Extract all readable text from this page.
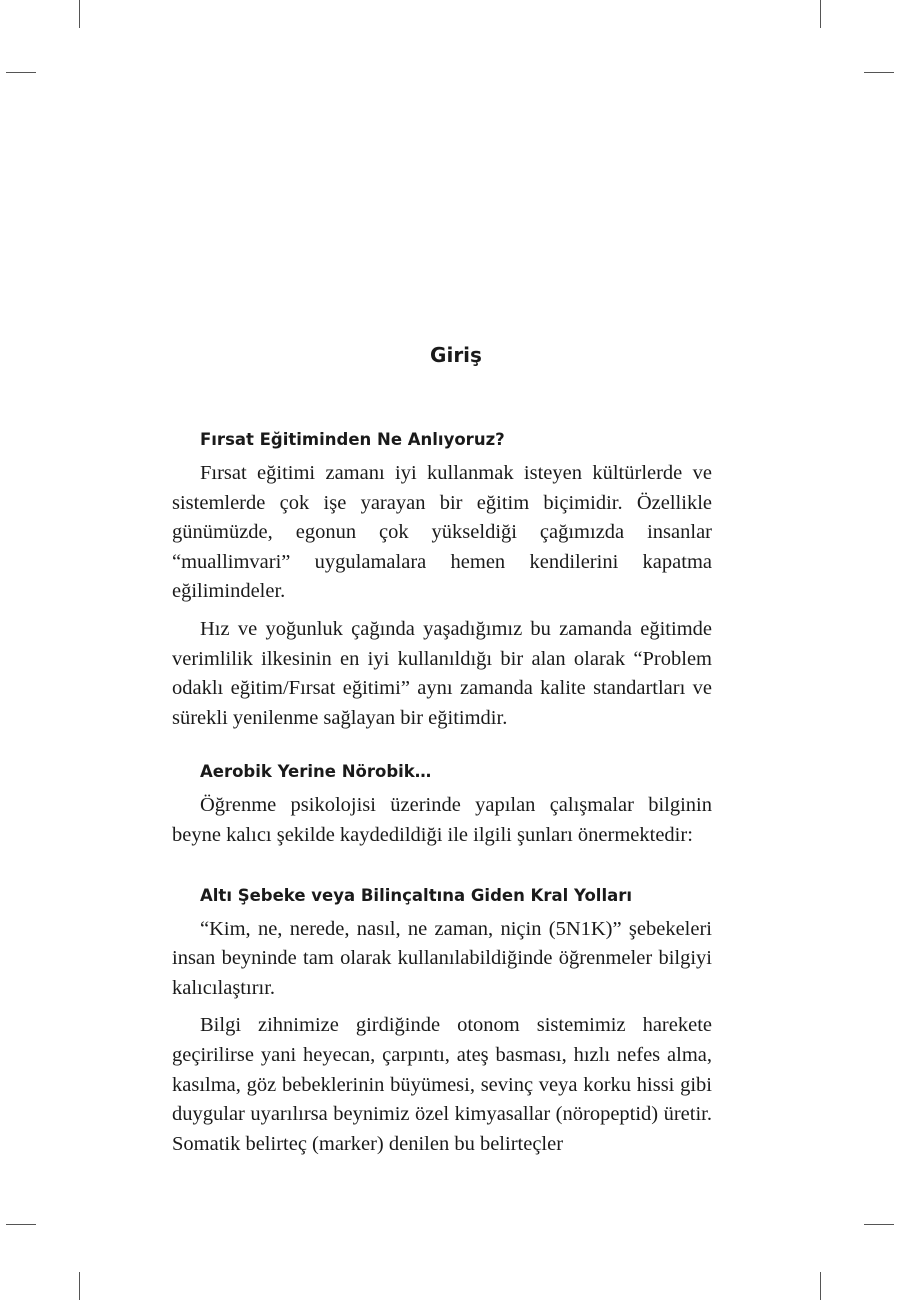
Giriş
Fırsat Eğitiminden Ne Anlıyoruz?

Fırsat eğitimi zamanı iyi kullanmak isteyen kültürlerde ve sistemlerde çok işe yarayan bir eğitim biçimidir. Özellikle günümüzde, egonun çok yükseldiği çağımızda insanlar “muallimvari” uygulamalara hemen kendilerini kapatma eğilimindeler.

Hız ve yoğunluk çağında yaşadığımız bu zamanda eğitimde verimlilik ilkesinin en iyi kullanıldığı bir alan olarak “Problem odaklı eğitim/Fırsat eğitimi” aynı zamanda kalite standartları ve sürekli yenilenme sağlayan bir eğitimdir.

Aerobik Yerine Nörobik…

Öğrenme psikolojisi üzerinde yapılan çalışmalar bilginin beyne kalıcı şekilde kaydedildiği ile ilgili şunları önermektedir:

Altı Şebeke veya Bilinçaltına Giden Kral Yolları

“Kim, ne, nerede, nasıl, ne zaman, niçin (5N1K)” şebekeleri insan beyninde tam olarak kullanılabildiğinde öğrenmeler bilgiyi kalıcılaştırır.

Bilgi zihnimize girdiğinde otonom sistemimiz harekete geçirilirse yani heyecan, çarpıntı, ateş basması, hızlı nefes alma, kasılma, göz bebeklerinin büyümesi, sevinç veya korku hissi gibi duygular uyarılırsa beynimiz özel kimyasallar (nöropeptid) üretir. Somatik belirteç (marker) denilen bu belirteçler
